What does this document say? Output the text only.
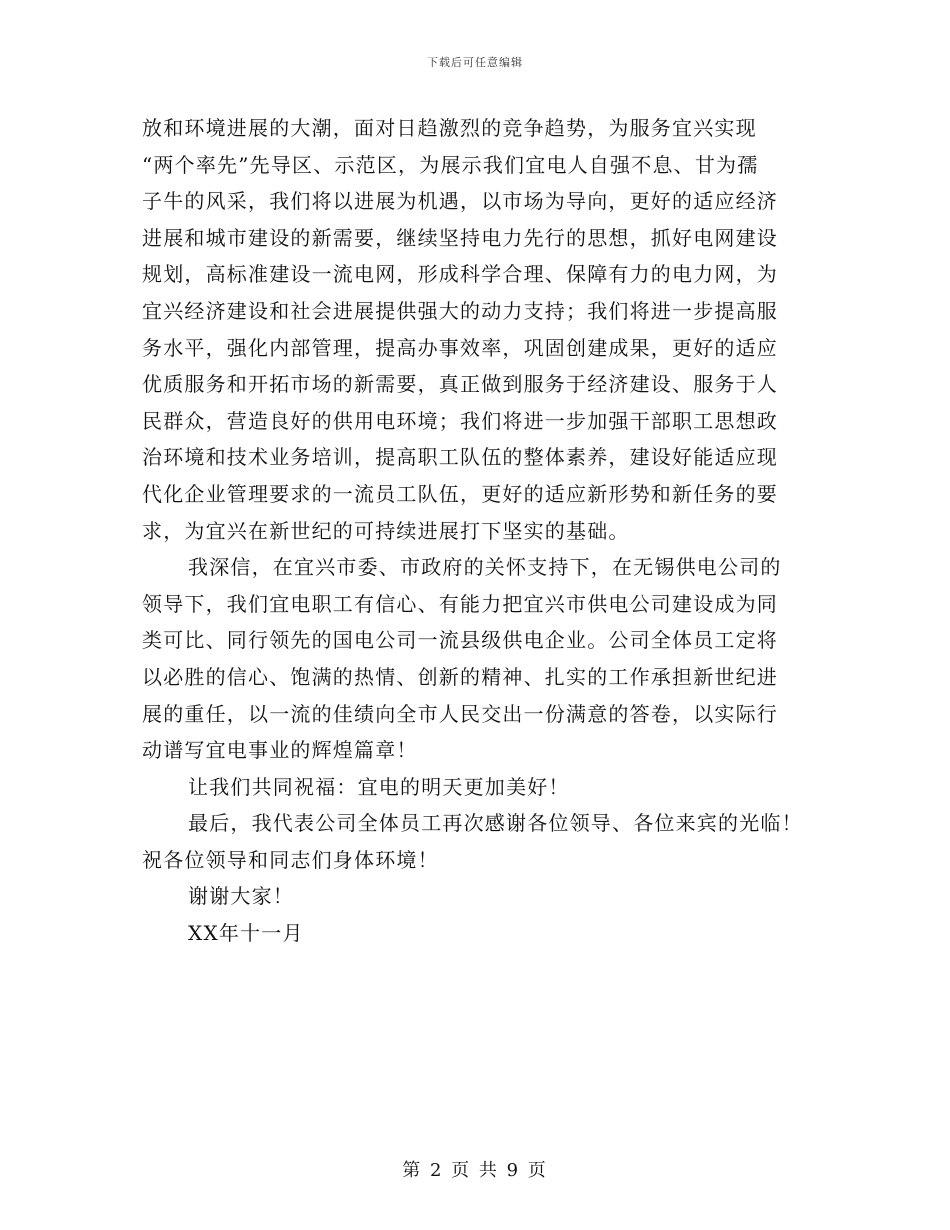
下载后可任意编辑
放和环境进展的大潮，面对日趋激烈的竞争趋势，为服务宜兴实现
“两个率先”先导区、示范区，为展示我们宜电人自强不息、甘为孺
子牛的风采，我们将以进展为机遇，以市场为导向，更好的适应经济
进展和城市建设的新需要，继续坚持电力先行的思想，抓好电网建设
规划，高标准建设一流电网，形成科学合理、保障有力的电力网，为
宜兴经济建设和社会进展提供强大的动力支持；我们将进一步提高服
务水平，强化内部管理，提高办事效率，巩固创建成果，更好的适应
优质服务和开拓市场的新需要，真正做到服务于经济建设、服务于人
民群众，营造良好的供用电环境；我们将进一步加强干部职工思想政
治环境和技术业务培训，提高职工队伍的整体素养，建设好能适应现
代化企业管理要求的一流员工队伍，更好的适应新形势和新任务的要
求，为宜兴在新世纪的可持续进展打下坚实的基础。
我深信，在宜兴市委、市政府的关怀支持下，在无锡供电公司的
领导下，我们宜电职工有信心、有能力把宜兴市供电公司建设成为同
类可比、同行领先的国电公司一流县级供电企业。公司全体员工定将
以必胜的信心、饱满的热情、创新的精神、扎实的工作承担新世纪进
展的重任，以一流的佳绩向全市人民交出一份满意的答卷，以实际行
动谱写宜电事业的辉煌篇章！
让我们共同祝福：宜电的明天更加美好！
最后，我代表公司全体员工再次感谢各位领导、各位来宾的光临！
祝各位领导和同志们身体环境！
谢谢大家！
XX年十一月
第 2 页 共 9 页
